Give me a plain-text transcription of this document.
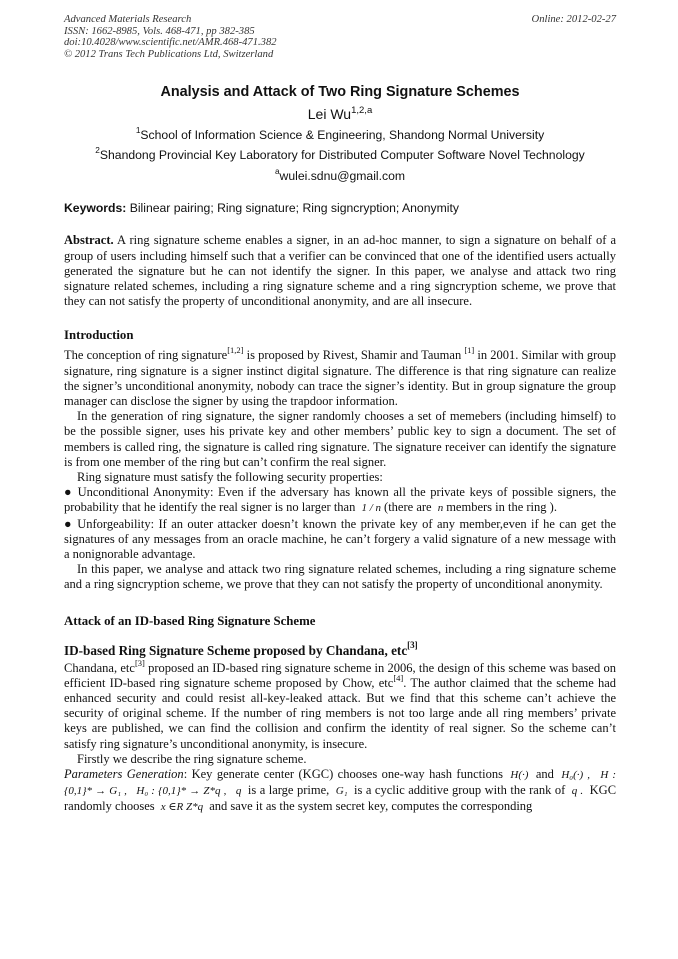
Advanced Materials Research
ISSN: 1662-8985, Vols. 468-471, pp 382-385
doi:10.4028/www.scientific.net/AMR.468-471.382
© 2012 Trans Tech Publications Ltd, Switzerland
Online: 2012-02-27
Analysis and Attack of Two Ring Signature Schemes
Lei Wu$^{1,2,a}$
$^1$School of Information Science & Engineering, Shandong Normal University
$^2$Shandong Provincial Key Laboratory for Distributed Computer Software Novel Technology
$^a$wulei.sdnu@gmail.com
Keywords: Bilinear pairing; Ring signature; Ring signcryption; Anonymity
Abstract. A ring signature scheme enables a signer, in an ad-hoc manner, to sign a signature on behalf of a group of users including himself such that a verifier can be convinced that one of the identified users actually generated the signature but he can not identify the signer. In this paper, we analyse and attack two ring signature related schemes, including a ring signature scheme and a ring signcryption scheme, we prove that they can not satisfy the property of unconditional anonymity, and are all insecure.
Introduction

The conception of ring signature[1,2] is proposed by Rivest, Shamir and Tauman [1] in 2001. Similar with group signature, ring signature is a signer instinct digital signature. The difference is that ring signature can realize the signer’s unconditional anonymity, nobody can trace the signer’s identity. But in group signature the group manager can disclose the signer by using the trapdoor information.

In the generation of ring signature, the signer randomly chooses a set of memebers (including himself) to be the possible signer, uses his private key and other members’ public key to sign a document. The set of members is called ring, the signature is called ring signature. The signature receiver can identify the signature is from one member of the ring but can’t confirm the real signer.

Ring signature must satisfy the following security properties:

● Unconditional Anonymity: Even if the adversary has known all the private keys of possible signers, the probability that he identify the real signer is no larger than 1 / n (there are n members in the ring ).

● Unforgeability: If an outer attacker doesn’t known the private key of any member,even if he can get the signatures of any messages from an oracle machine, he can’t forgery a valid signature of a new message with a nonignorable advantage.

In this paper, we analyse and attack two ring signature related schemes, including a ring signature scheme and a ring signcryption scheme, we prove that they can not satisfy the property of unconditional anonymity.

Attack of an ID-based Ring Signature Scheme
ID-based Ring Signature Scheme proposed by Chandana, etc[3]

Chandana, etc[3] proposed an ID-based ring signature scheme in 2006, the design of this scheme was based on efficient ID-based ring signature scheme proposed by Chow, etc[4]. The author claimed that the scheme had enhanced security and could resist all-key-leaked attack. But we find that this scheme can’t achieve the security of original scheme. If the number of ring members is not too large ande all ring members’ private keys are published, we can find the collision and confirm the identity of real signer. So the scheme can’t satisfy ring signature’s unconditional anonymity, is insecure.

Firstly we describe the ring signature scheme.

Parameters Generation: Key generate center (KGC) chooses one-way hash functions H(·) and H₀(·) , H : {0,1}* → G₁ , H₀ : {0,1}* → Z*q , q is a large prime, G₁ is a cyclic additive group with the rank of q . KGC randomly chooses x ∈R Z*q and save it as the system secret key, computes the corresponding
